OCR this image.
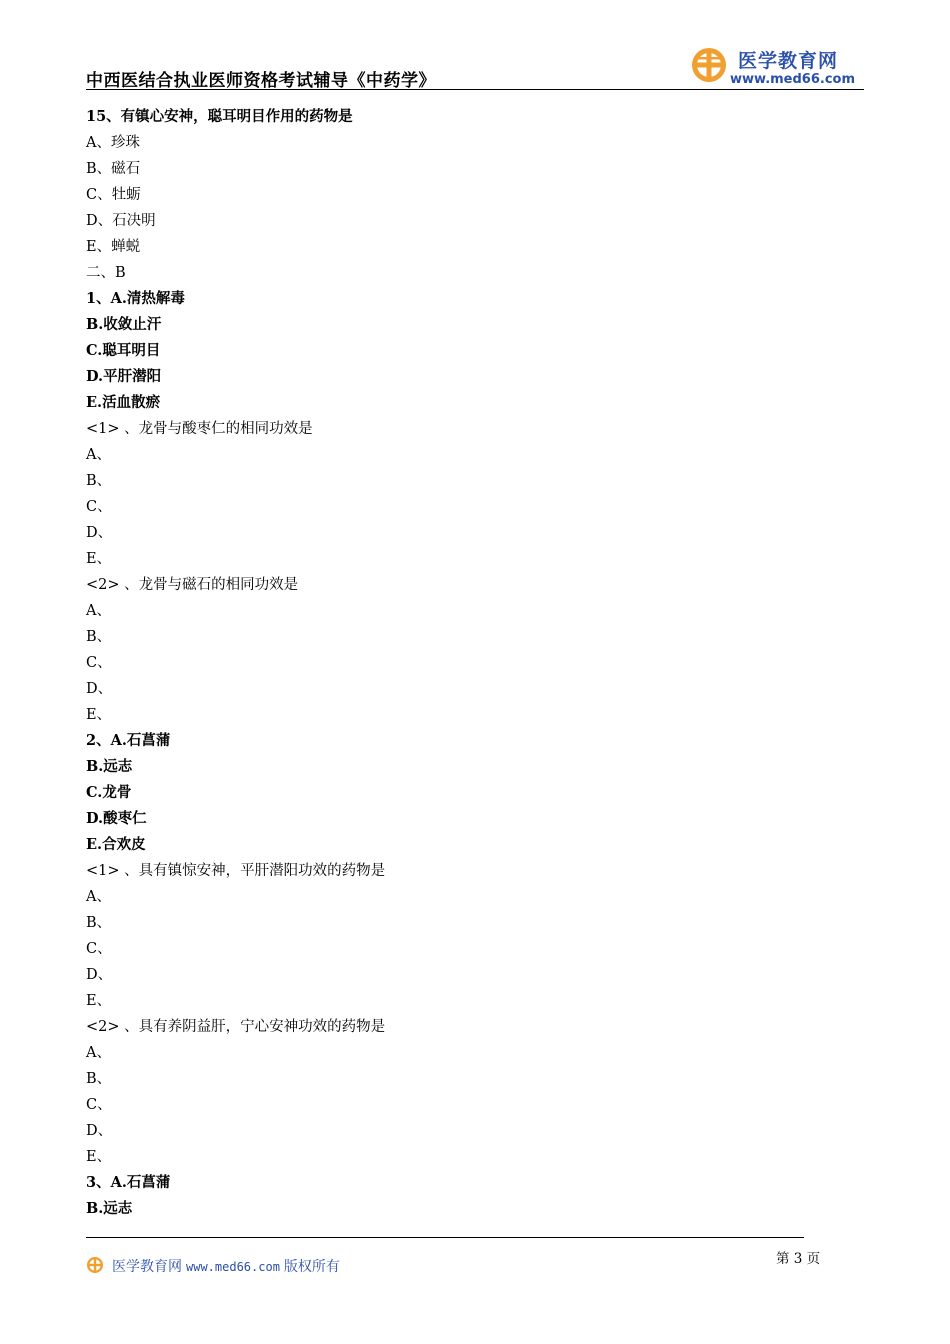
中西医结合执业医师资格考试辅导《中药学》
医学教育网
www.med66.com
15、有镇心安神，聪耳明目作用的药物是
A、珍珠
B、磁石
C、牡蛎
D、石决明
E、蝉蜕
二、B
1、A.清热解毒
B.收敛止汗
C.聪耳明目
D.平肝潜阳
E.活血散瘀
<1> 、龙骨与酸枣仁的相同功效是
A、
B、
C、
D、
E、
<2> 、龙骨与磁石的相同功效是
A、
B、
C、
D、
E、
2、A.石菖蒲
B.远志
C.龙骨
D.酸枣仁
E.合欢皮
<1> 、具有镇惊安神，平肝潜阳功效的药物是
A、
B、
C、
D、
E、
<2> 、具有养阴益肝，宁心安神功效的药物是
A、
B、
C、
D、
E、
3、A.石菖蒲
B.远志
医学教育网 www.med66.com 版权所有	第 3 页
